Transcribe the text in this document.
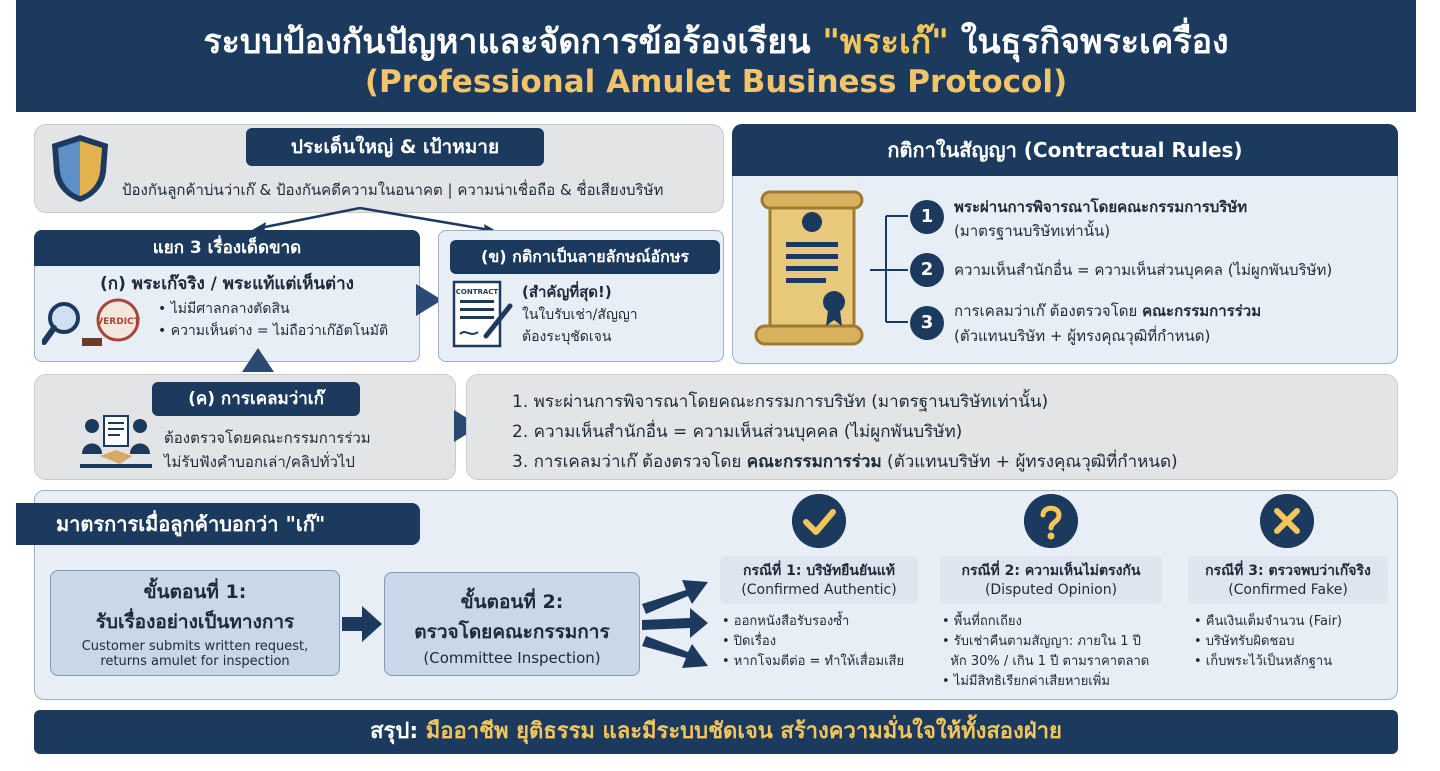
ระบบป้องกันปัญหาและจัดการข้อร้องเรียน "พระเก๊" ในธุรกิจพระเครื่อง
(Professional Amulet Business Protocol)
ประเด็นใหญ่ & เป้าหมาย
ป้องกันลูกค้าบ่นว่าเก๊ & ป้องกันคดีความในอนาคต | ความน่าเชื่อถือ & ชื่อเสียงบริษัท
กติกาในสัญญา (Contractual Rules)
1	พระผ่านการพิจารณาโดยคณะกรรมการบริษัท
(มาตรฐานบริษัทเท่านั้น)
2	ความเห็นสำนักอื่น = ความเห็นส่วนบุคคล (ไม่ผูกพันบริษัท)
3
การเคลมว่าเก๊ ต้องตรวจโดย คณะกรรมการร่วม
(ตัวแทนบริษัท + ผู้ทรงคุณวุฒิที่กำหนด)
แยก 3 เรื่องเด็ดขาด
(ก) พระเก๊จริง / พระแท้แต่เห็นต่าง
VERDICT
• ไม่มีศาลกลางตัดสิน
• ความเห็นต่าง = ไม่ถือว่าเก๊อัตโนมัติ
(ข) กติกาเป็นลายลักษณ์อักษร
CONTRACT (สำคัญที่สุด!)
ในใบรับเช่า/สัญญา
ต้องระบุชัดเจน
(ค) การเคลมว่าเก๊
ต้องตรวจโดยคณะกรรมการร่วม
ไม่รับฟังคำบอกเล่า/คลิปทั่วไป
1. พระผ่านการพิจารณาโดยคณะกรรมการบริษัท (มาตรฐานบริษัทเท่านั้น)
2. ความเห็นสำนักอื่น = ความเห็นส่วนบุคคล (ไม่ผูกพันบริษัท)
3. การเคลมว่าเก๊ ต้องตรวจโดย คณะกรรมการร่วม (ตัวแทนบริษัท + ผู้ทรงคุณวุฒิที่กำหนด)
มาตรการเมื่อลูกค้าบอกว่า "เก๊"
ขั้นตอนที่ 1:
รับเรื่องอย่างเป็นทางการ
Customer submits written request,
returns amulet for inspection
ขั้นตอนที่ 2:
ตรวจโดยคณะกรรมการ
(Committee Inspection)
กรณีที่ 1: บริษัทยืนยันแท้
(Confirmed Authentic)
• ออกหนังสือรับรองซ้ำ
• ปิดเรื่อง
• หากโจมตีต่อ = ทำให้เสื่อมเสีย
กรณีที่ 2: ความเห็นไม่ตรงกัน
(Disputed Opinion)
• พื้นที่ถกเถียง
• รับเช่าคืนตามสัญญา: ภายใน 1 ปี
หัก 30% / เกิน 1 ปี ตามราคาตลาด
• ไม่มีสิทธิเรียกค่าเสียหายเพิ่ม
กรณีที่ 3: ตรวจพบว่าเก๊จริง
(Confirmed Fake)
• คืนเงินเต็มจำนวน (Fair)
• บริษัทรับผิดชอบ
• เก็บพระไว้เป็นหลักฐาน
สรุป: มืออาชีพ ยุติธรรม และมีระบบชัดเจน สร้างความมั่นใจให้ทั้งสองฝ่าย
